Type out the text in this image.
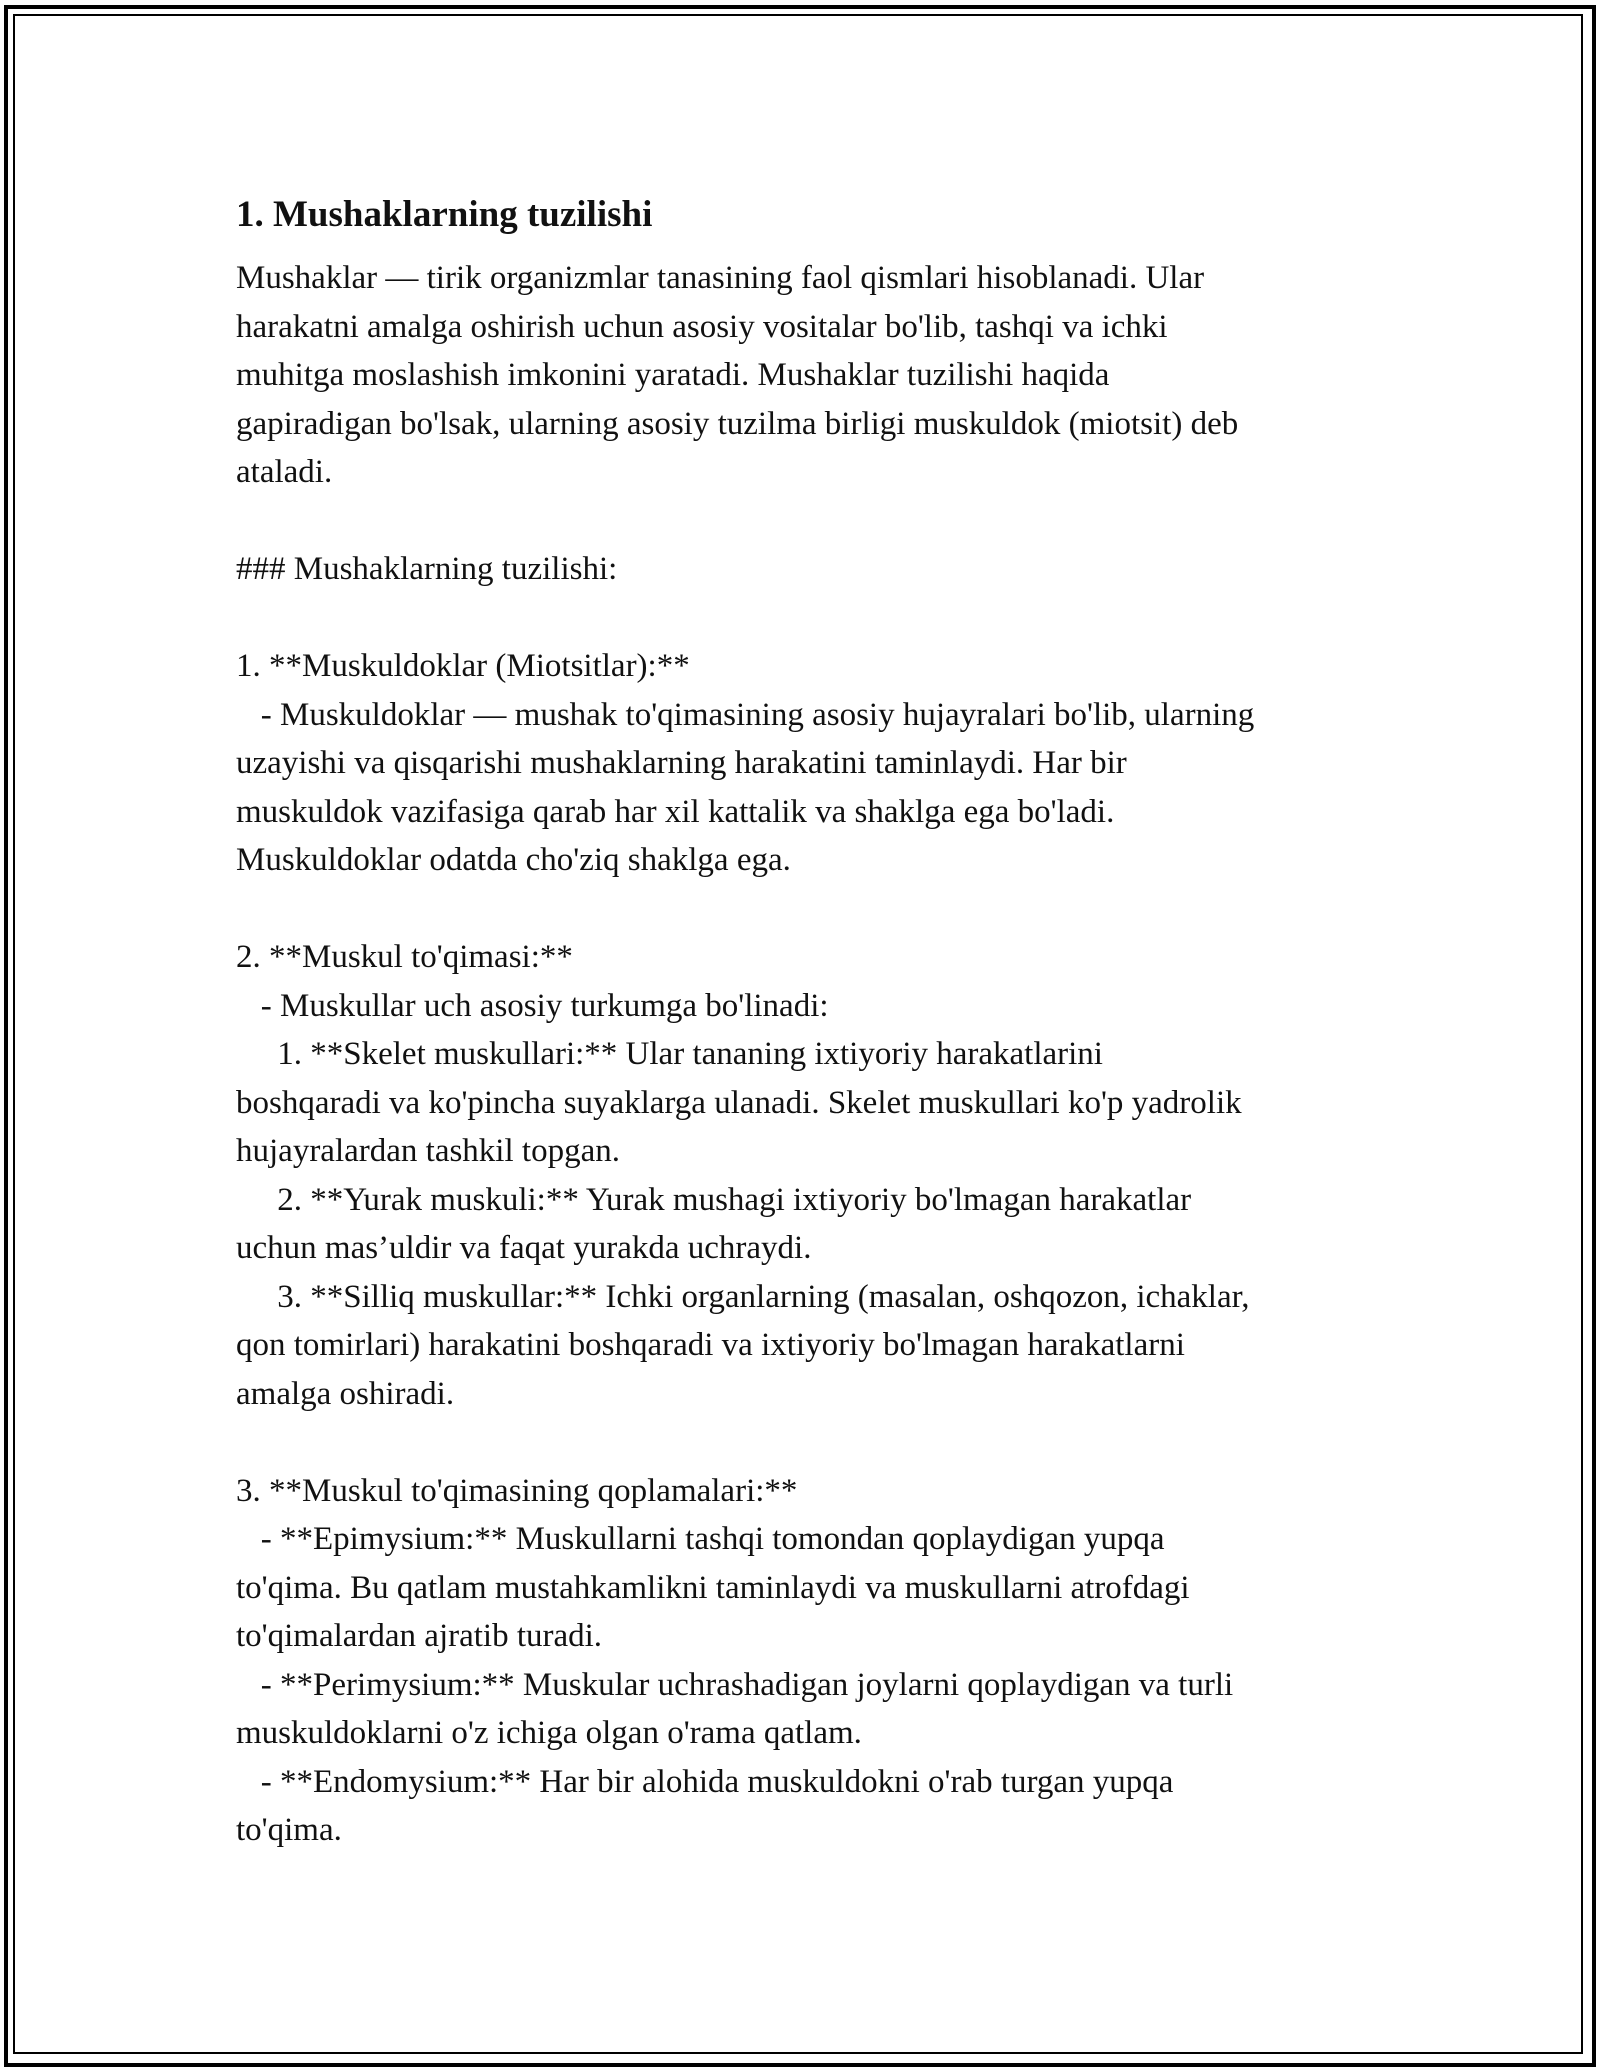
1. Mushaklarning tuzilishi

Mushaklar — tirik organizmlar tanasining faol qismlari hisoblanadi. Ular

harakatni amalga oshirish uchun asosiy vositalar bo'lib, tashqi va ichki

muhitga moslashish imkonini yaratadi. Mushaklar tuzilishi haqida

gapiradigan bo'lsak, ularning asosiy tuzilma birligi muskuldok (miotsit) deb

ataladi.

### Mushaklarning tuzilishi:

1. **Muskuldoklar (Miotsitlar):**

- Muskuldoklar — mushak to'qimasining asosiy hujayralari bo'lib, ularning

uzayishi va qisqarishi mushaklarning harakatini taminlaydi. Har bir

muskuldok vazifasiga qarab har xil kattalik va shaklga ega bo'ladi.

Muskuldoklar odatda cho'ziq shaklga ega.

2. **Muskul to'qimasi:**

- Muskullar uch asosiy turkumga bo'linadi:

1. **Skelet muskullari:** Ular tananing ixtiyoriy harakatlarini

boshqaradi va ko'pincha suyaklarga ulanadi. Skelet muskullari ko'p yadrolik

hujayralardan tashkil topgan.

2. **Yurak muskuli:** Yurak mushagi ixtiyoriy bo'lmagan harakatlar

uchun mas’uldir va faqat yurakda uchraydi.

3. **Silliq muskullar:** Ichki organlarning (masalan, oshqozon, ichaklar,

qon tomirlari) harakatini boshqaradi va ixtiyoriy bo'lmagan harakatlarni

amalga oshiradi.

3. **Muskul to'qimasining qoplamalari:**

- **Epimysium:** Muskullarni tashqi tomondan qoplaydigan yupqa

to'qima. Bu qatlam mustahkamlikni taminlaydi va muskullarni atrofdagi

to'qimalardan ajratib turadi.

- **Perimysium:** Muskular uchrashadigan joylarni qoplaydigan va turli

muskuldoklarni o'z ichiga olgan o'rama qatlam.

- **Endomysium:** Har bir alohida muskuldokni o'rab turgan yupqa

to'qima.
